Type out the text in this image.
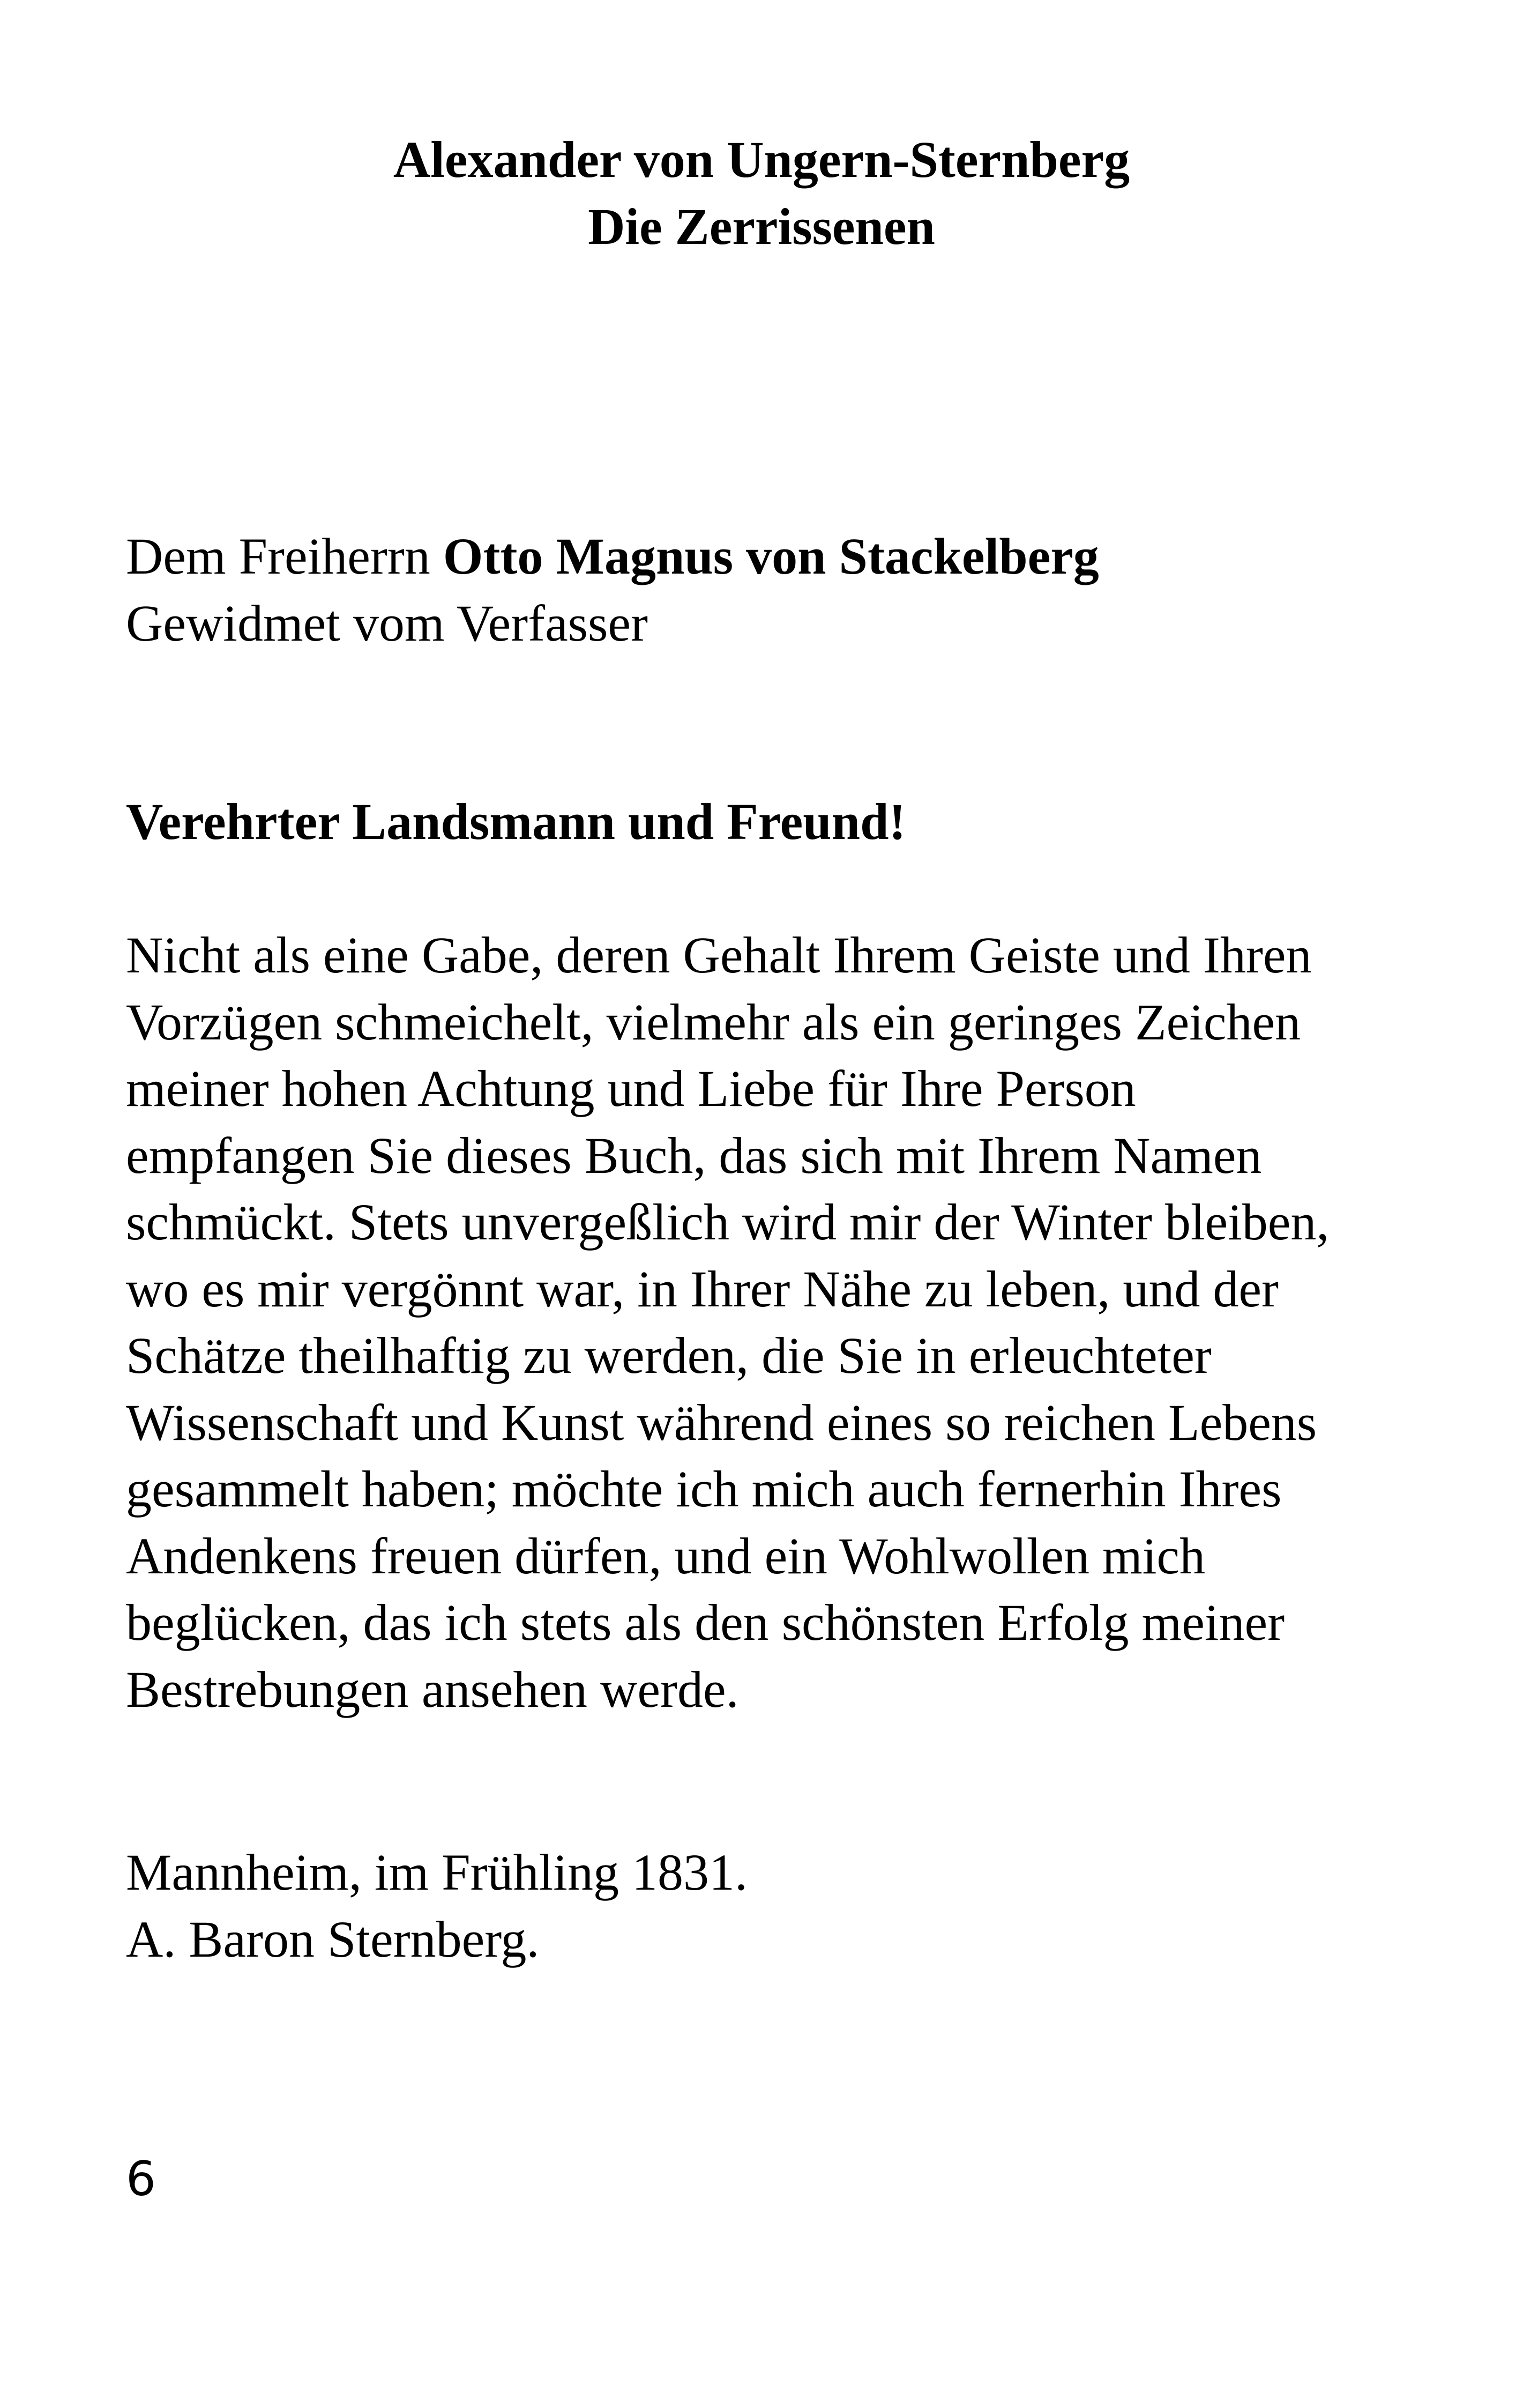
Alexander von Ungern-Sternberg
Die Zerrissenen
Dem Freiherrn Otto Magnus von Stackelberg
Gewidmet vom Verfasser
Verehrter Landsmann und Freund!
Nicht als eine Gabe, deren Gehalt Ihrem Geiste und Ihren
Vorzügen schmeichelt, vielmehr als ein geringes Zeichen
meiner hohen Achtung und Liebe für Ihre Person
empfangen Sie dieses Buch, das sich mit Ihrem Namen
schmückt. Stets unvergeßlich wird mir der Winter bleiben,
wo es mir vergönnt war, in Ihrer Nähe zu leben, und der
Schätze theilhaftig zu werden, die Sie in erleuchteter
Wissenschaft und Kunst während eines so reichen Lebens
gesammelt haben; möchte ich mich auch fernerhin Ihres
Andenkens freuen dürfen, und ein Wohlwollen mich
beglücken, das ich stets als den schönsten Erfolg meiner
Bestrebungen ansehen werde.
Mannheim, im Frühling 1831.
A. Baron Sternberg.
6
